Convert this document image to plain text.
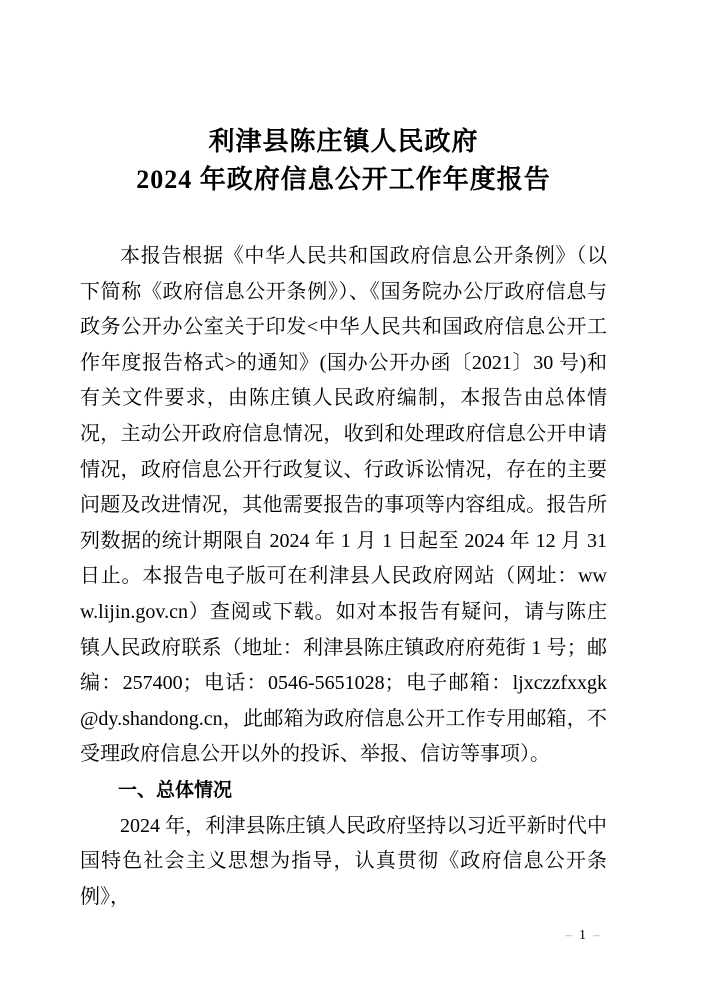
利津县陈庄镇人民政府
2024 年政府信息公开工作年度报告

本报告根据《中华人民共和国政府信息公开条例》（以下简称《政府信息公开条例》）、《国务院办公厅政府信息与政务公开办公室关于印发<中华人民共和国政府信息公开工作年度报告格式>的通知》(国办公开办函〔2021〕30 号)和有关文件要求，由陈庄镇人民政府编制，本报告由总体情况，主动公开政府信息情况，收到和处理政府信息公开申请情况，政府信息公开行政复议、行政诉讼情况，存在的主要问题及改进情况，其他需要报告的事项等内容组成。报告所列数据的统计期限自 2024 年 1 月 1 日起至 2024 年 12 月 31 日止。本报告电子版可在利津县人民政府网站（网址：www.lijin.gov.cn）查阅或下载。如对本报告有疑问，请与陈庄镇人民政府联系（地址：利津县陈庄镇政府府苑街 1 号；邮编：257400；电话：0546-5651028；电子邮箱：ljxczzfxxgk@dy.shandong.cn，此邮箱为政府信息公开工作专用邮箱，不受理政府信息公开以外的投诉、举报、信访等事项）。

一、总体情况

2024 年，利津县陈庄镇人民政府坚持以习近平新时代中国特色社会主义思想为指导，认真贯彻《政府信息公开条例》，

– 1 –
